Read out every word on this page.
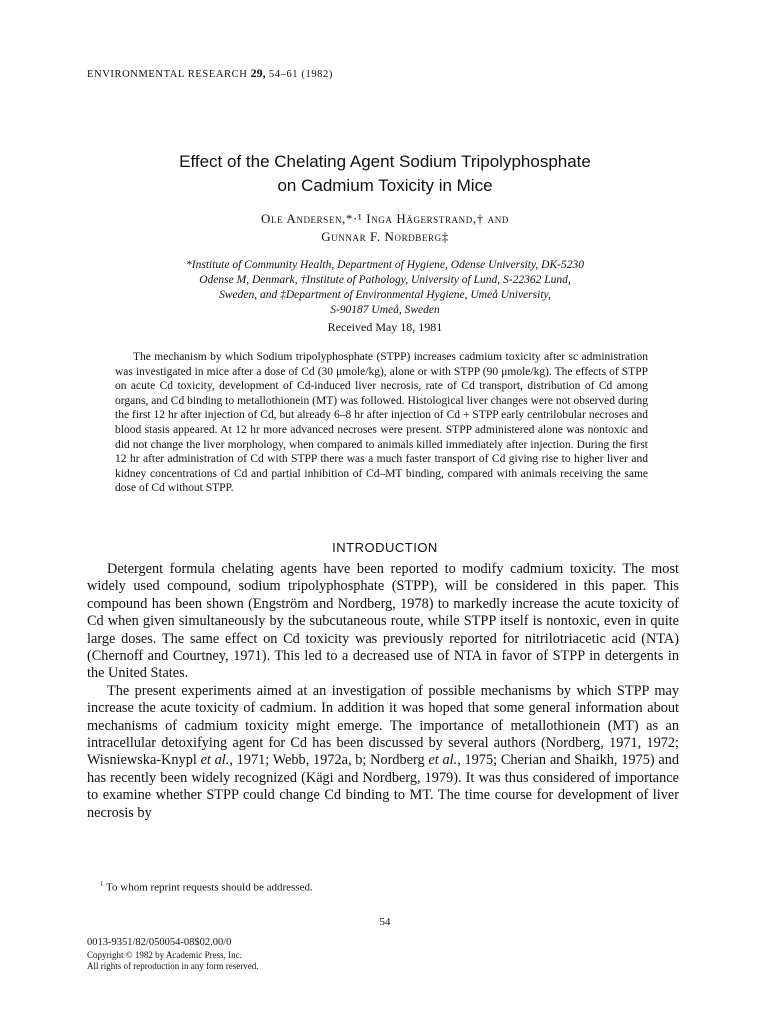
ENVIRONMENTAL RESEARCH 29, 54–61 (1982)
Effect of the Chelating Agent Sodium Tripolyphosphate
on Cadmium Toxicity in Mice
Ole Andersen,*·¹ Inga Hägerstrand,† and
Gunnar F. Nordberg‡
*Institute of Community Health, Department of Hygiene, Odense University, DK-5230
Odense M, Denmark, †Institute of Pathology, University of Lund, S-22362 Lund,
Sweden, and ‡Department of Environmental Hygiene, Umeå University,
S-90187 Umeå, Sweden
Received May 18, 1981
The mechanism by which Sodium tripolyphosphate (STPP) increases cadmium toxicity after sc administration was investigated in mice after a dose of Cd (30 μmole/kg), alone or with STPP (90 μmole/kg). The effects of STPP on acute Cd toxicity, development of Cd-induced liver necrosis, rate of Cd transport, distribution of Cd among organs, and Cd binding to metallothionein (MT) was followed. Histological liver changes were not observed during the first 12 hr after injection of Cd, but already 6–8 hr after injection of Cd + STPP early centrilobular necroses and blood stasis appeared. At 12 hr more advanced necroses were present. STPP administered alone was nontoxic and did not change the liver morphology, when compared to animals killed immediately after injection. During the first 12 hr after administration of Cd with STPP there was a much faster transport of Cd giving rise to higher liver and kidney concentrations of Cd and partial inhibition of Cd–MT binding, compared with animals receiving the same dose of Cd without STPP.
INTRODUCTION

Detergent formula chelating agents have been reported to modify cadmium toxicity. The most widely used compound, sodium tripolyphosphate (STPP), will be considered in this paper. This compound has been shown (Engström and Nordberg, 1978) to markedly increase the acute toxicity of Cd when given simultaneously by the subcutaneous route, while STPP itself is nontoxic, even in quite large doses. The same effect on Cd toxicity was previously reported for nitrilotriacetic acid (NTA) (Chernoff and Courtney, 1971). This led to a decreased use of NTA in favor of STPP in detergents in the United States.

The present experiments aimed at an investigation of possible mechanisms by which STPP may increase the acute toxicity of cadmium. In addition it was hoped that some general information about mechanisms of cadmium toxicity might emerge. The importance of metallothionein (MT) as an intracellular detoxifying agent for Cd has been discussed by several authors (Nordberg, 1971, 1972; Wisniewska-Knypl et al., 1971; Webb, 1972a, b; Nordberg et al., 1975; Cherian and Shaikh, 1975) and has recently been widely recognized (Kägi and Nordberg, 1979). It was thus considered of importance to examine whether STPP could change Cd binding to MT. The time course for development of liver necrosis by

$^1$ To whom reprint requests should be addressed.
54
0013-9351/82/050054-08$02.00/0
Copyright © 1982 by Academic Press, Inc.
All rights of reproduction in any form reserved.
